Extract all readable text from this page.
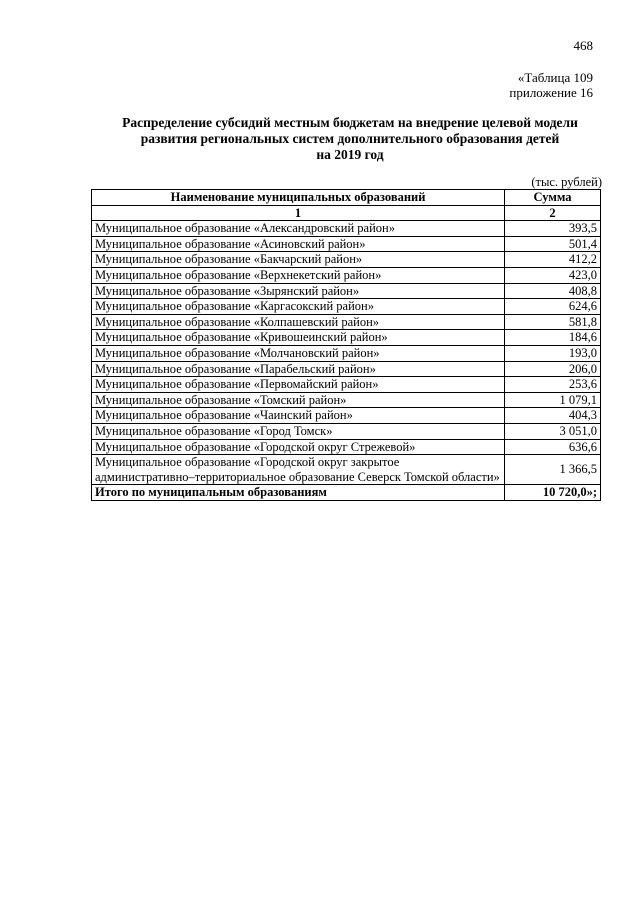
468
«Таблица 109
приложение 16
Распределение субсидий местным бюджетам на внедрение целевой модели
развития региональных систем дополнительного образования детей
на 2019 год
(тыс. рублей)
Наименование муниципальных образований	Сумма
1	2
Муниципальное образование «Александровский район»	393,5
Муниципальное образование «Асиновский район»	501,4
Муниципальное образование «Бакчарский район»	412,2
Муниципальное образование «Верхнекетский район»	423,0
Муниципальное образование «Зырянский район»	408,8
Муниципальное образование «Каргасокский район»	624,6
Муниципальное образование «Колпашевский район»	581,8
Муниципальное образование «Кривошеинский район»	184,6
Муниципальное образование «Молчановский район»	193,0
Муниципальное образование «Парабельский район»	206,0
Муниципальное образование «Первомайский район»	253,6
Муниципальное образование «Томский район»	1 079,1
Муниципальное образование «Чаинский район»	404,3
Муниципальное образование «Город Томск»	3 051,0
Муниципальное образование «Городской округ Стрежевой»	636,6
Муниципальное образование «Городской округ закрытое административно–территориальное образование Северск Томской области»	1 366,5
Итого по муниципальным образованиям	10 720,0»;
